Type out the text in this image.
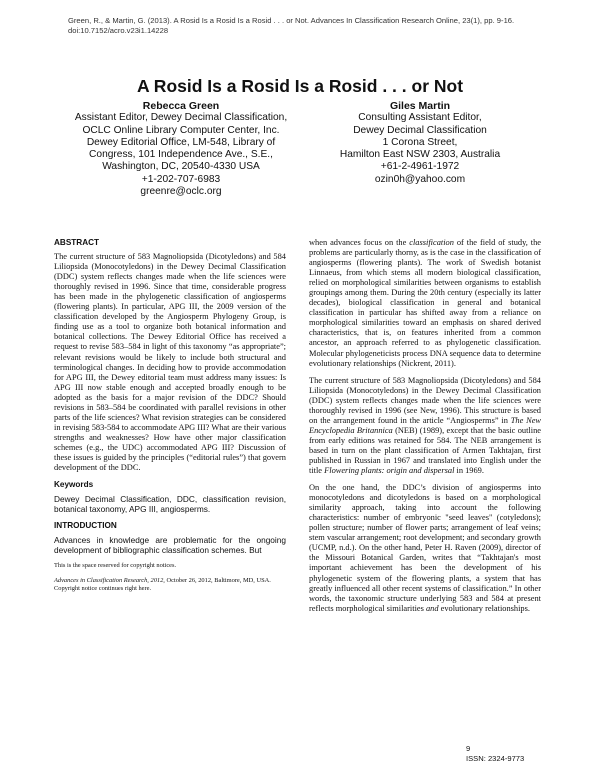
Green, R., & Martin, G. (2013). A Rosid Is a Rosid Is a Rosid . . . or Not. Advances In Classification Research Online, 23(1), pp. 9-16.
doi:10.7152/acro.v23i1.14228
A Rosid Is a Rosid Is a Rosid . . . or Not
Rebecca Green
Assistant Editor, Dewey Decimal Classification,
OCLC Online Library Computer Center, Inc.
Dewey Editorial Office, LM-548, Library of
Congress, 101 Independence Ave., S.E.,
Washington, DC, 20540-4330 USA
+1-202-707-6983
greenre@oclc.org
Giles Martin
Consulting Assistant Editor,
Dewey Decimal Classification
1 Corona Street,
Hamilton East NSW 2303, Australia
+61-2-4961-1972
ozin0h@yahoo.com
ABSTRACT

The current structure of 583 Magnoliopsida (Dicotyledons) and 584 Liliopsida (Monocotyledons) in the Dewey Decimal Classification (DDC) system reflects changes made when the life sciences were thoroughly revised in 1996. Since that time, considerable progress has been made in the phylogenetic classification of angiosperms (flowering plants). In particular, APG III, the 2009 version of the classification developed by the Angiosperm Phylogeny Group, is finding use as a tool to organize both botanical information and botanical collections. The Dewey Editorial Office has received a request to revise 583–584 in light of this taxonomy “as appropriate”; relevant revisions would be likely to include both structural and terminological changes. In deciding how to provide accommodation for APG III, the Dewey editorial team must address many issues: Is APG III now stable enough and accepted broadly enough to be adopted as the basis for a major revision of the DDC? Should revisions in 583–584 be coordinated with parallel revisions in other parts of the life sciences? What revision strategies can be considered in revising 583-584 to accommodate APG III? What are their various strengths and weaknesses? How have other major classification schemes (e.g., the UDC) accommodated APG III? Discussion of these issues is guided by the principles (“editorial rules”) that govern development of the DDC.

Keywords

Dewey Decimal Classification, DDC, classification revision, botanical taxonomy, APG III, angiosperms.

INTRODUCTION

Advances in knowledge are problematic for the ongoing development of bibliographic classification schemes. But

This is the space reserved for copyright notices.

Advances in Classification Research, 2012, October 26, 2012, Baltimore, MD, USA.
Copyright notice continues right here.

when advances focus on the classification of the field of study, the problems are particularly thorny, as is the case in the classification of angiosperms (flowering plants). The work of Swedish botanist Linnaeus, from which stems all modern biological classification, relied on morphological similarities between organisms to establish groupings among them. During the 20th century (especially its latter decades), biological classification in general and botanical classification in particular has shifted away from a reliance on morphological similarities toward an emphasis on shared derived characteristics, that is, on features inherited from a common ancestor, an approach referred to as phylogenetic classification. Molecular phylogeneticists process DNA sequence data to determine evolutionary relationships (Nickrent, 2011).

The current structure of 583 Magnoliopsida (Dicotyledons) and 584 Liliopsida (Monocotyledons) in the Dewey Decimal Classification (DDC) system reflects changes made when the life sciences were thoroughly revised in 1996 (see New, 1996). This structure is based on the arrangement found in the article “Angiosperms” in The New Encyclopedia Britannica (NEB) (1989), except that the basic outline from early editions was retained for 584. The NEB arrangement is based in turn on the plant classification of Armen Takhtajan, first published in Russian in 1967 and translated into English under the title Flowering plants: origin and dispersal in 1969.

On the one hand, the DDC’s division of angiosperms into monocotyledons and dicotyledons is based on a morphological similarity approach, taking into account the following characteristics: number of embryonic "seed leaves" (cotyledons); pollen structure; number of flower parts; arrangement of leaf veins; stem vascular arrangement; root development; and secondary growth (UCMP, n.d.). On the other hand, Peter H. Raven (2009), director of the Missouri Botanical Garden, writes that “Takhtajan's most important achievement has been the development of his phylogenetic system of the flowering plants, a system that has greatly influenced all other recent systems of classification.” In other words, the taxonomic structure underlying 583 and 584 at present reflects morphological similarities and evolutionary relationships.

9
ISSN: 2324-9773
